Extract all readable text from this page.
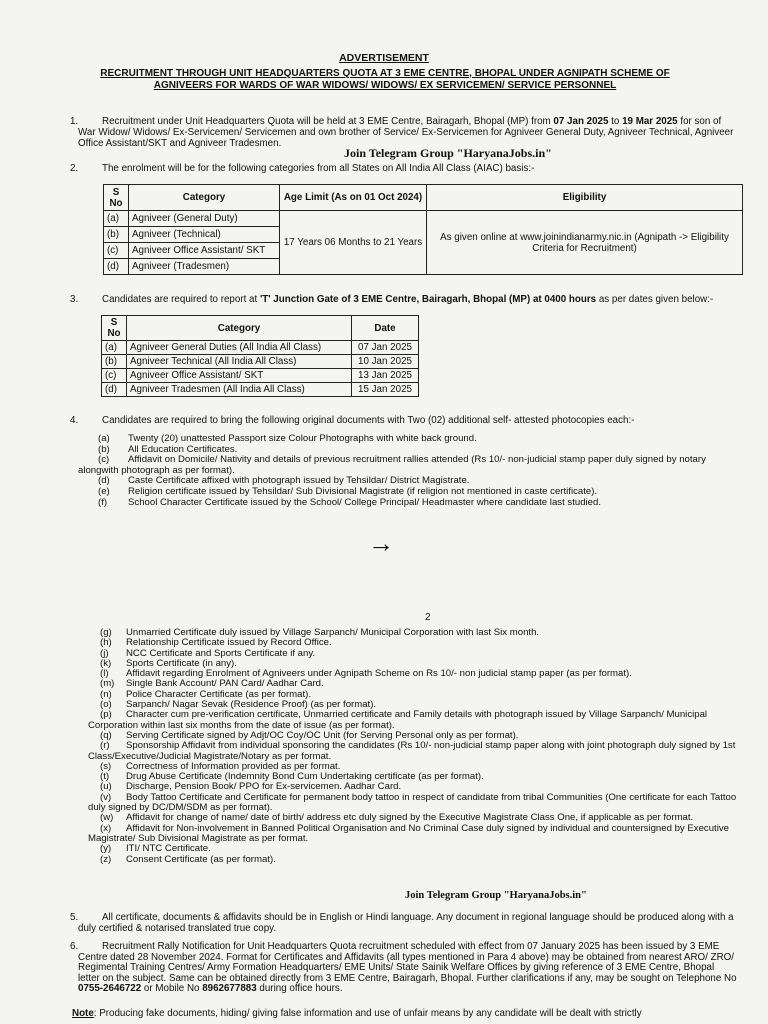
ADVERTISEMENT
RECRUITMENT THROUGH UNIT HEADQUARTERS QUOTA AT 3 EME CENTRE, BHOPAL UNDER AGNIPATH SCHEME OF AGNIVEERS FOR WARDS OF WAR WIDOWS/ WIDOWS/ EX SERVICEMEN/ SERVICE PERSONNEL
1. Recruitment under Unit Headquarters Quota will be held at 3 EME Centre, Bairagarh, Bhopal (MP) from 07 Jan 2025 to 19 Mar 2025 for son of War Widow/ Widows/ Ex-Servicemen/ Servicemen and own brother of Service/ Ex-Servicemen for Agniveer General Duty, Agniveer Technical, Agniveer Office Assistant/SKT and Agniveer Tradesmen.
Join Telegram Group "HaryanaJobs.in"
2. The enrolment will be for the following categories from all States on All India All Class (AIAC) basis:-
S No	Category	Age Limit (As on 01 Oct 2024)	Eligibility
(a)	Agniveer (General Duty)	17 Years 06 Months to 21 Years	As given online at www.joinindianarmy.nic.in (Agnipath -> Eligibility Criteria for Recruitment)
(b)	Agniveer (Technical)		
(c)	Agniveer Office Assistant/ SKT		
(d)	Agniveer (Tradesmen)		
3. Candidates are required to report at 'T' Junction Gate of 3 EME Centre, Bairagarh, Bhopal (MP) at 0400 hours as per dates given below:-
S No	Category	Date
(a)	Agniveer General Duties (All India All Class)	07 Jan 2025
(b)	Agniveer Technical (All India All Class)	10 Jan 2025
(c)	Agniveer Office Assistant/ SKT	13 Jan 2025
(d)	Agniveer Tradesmen (All India All Class)	15 Jan 2025
4. Candidates are required to bring the following original documents with Two (02) additional self- attested photocopies each:-
(a) Twenty (20) unattested Passport size Colour Photographs with white back ground.
(b) All Education Certificates.
(c) Affidavit on Domicile/ Nativity and details of previous recruitment rallies attended (Rs 10/- non-judicial stamp paper duly signed by notary alongwith photograph as per format).
(d) Caste Certificate affixed with photograph issued by Tehsildar/ District Magistrate.
(e) Religion certificate issued by Tehsildar/ Sub Divisional Magistrate (if religion not mentioned in caste certificate).
(f) School Character Certificate issued by the School/ College Principal/ Headmaster where candidate last studied.
→
2
(g) Unmarried Certificate duly issued by Village Sarpanch/ Municipal Corporation with last Six month.
(h) Relationship Certificate issued by Record Office.
(j) NCC Certificate and Sports Certificate if any.
(k) Sports Certificate (in any).
(l) Affidavit regarding Enrolment of Agniveers under Agnipath Scheme on Rs 10/- non judicial stamp paper (as per format).
(m) Single Bank Account/ PAN Card/ Aadhar Card.
(n) Police Character Certificate (as per format).
(o) Sarpanch/ Nagar Sevak (Residence Proof) (as per format).
(p) Character cum pre-verification certificate, Unmarried certificate and Family details with photograph issued by Village Sarpanch/ Municipal Corporation within last six months from the date of issue (as per format).
(q) Serving Certificate signed by Adjt/OC Coy/OC Unit (for Serving Personal only as per format).
(r) Sponsorship Affidavit from individual sponsoring the candidates (Rs 10/- non-judicial stamp paper along with joint photograph duly signed by 1st Class/Executive/Judicial Magistrate/Notary as per format.
(s) Correctness of Information provided as per format.
(t) Drug Abuse Certificate (Indemnity Bond Cum Undertaking certificate (as per format).
(u) Discharge, Pension Book/ PPO for Ex-servicemen. Aadhar Card.
(v) Body Tattoo Certificate and Certificate for permanent body tattoo in respect of candidate from tribal Communities (One certificate for each Tattoo duly signed by DC/DM/SDM as per format).
(w) Affidavit for change of name/ date of birth/ address etc duly signed by the Executive Magistrate Class One, if applicable as per format.
(x) Affidavit for Non-involvement in Banned Political Organisation and No Criminal Case duly signed by individual and countersigned by Executive Magistrate/ Sub Divisional Magistrate as per format.
(y) ITI/ NTC Certificate.
(z) Consent Certificate (as per format).
Join Telegram Group "HaryanaJobs.in"
5. All certificate, documents & affidavits should be in English or Hindi language. Any document in regional language should be produced along with a duly certified & notarised translated true copy.
6. Recruitment Rally Notification for Unit Headquarters Quota recruitment scheduled with effect from 07 January 2025 has been issued by 3 EME Centre dated 28 November 2024. Format for Certificates and Affidavits (all types mentioned in Para 4 above) may be obtained from nearest ARO/ ZRO/ Regimental Training Centres/ Army Formation Headquarters/ EME Units/ State Sainik Welfare Offices by giving reference of 3 EME Centre, Bhopal letter on the subject. Same can be obtained directly from 3 EME Centre, Bairagarh, Bhopal. Further clarifications if any, may be sought on Telephone No 0755-2646722 or Mobile No 8962677883 during office hours.
Note: Producing fake documents, hiding/ giving false information and use of unfair means by any candidate will be dealt with strictly
